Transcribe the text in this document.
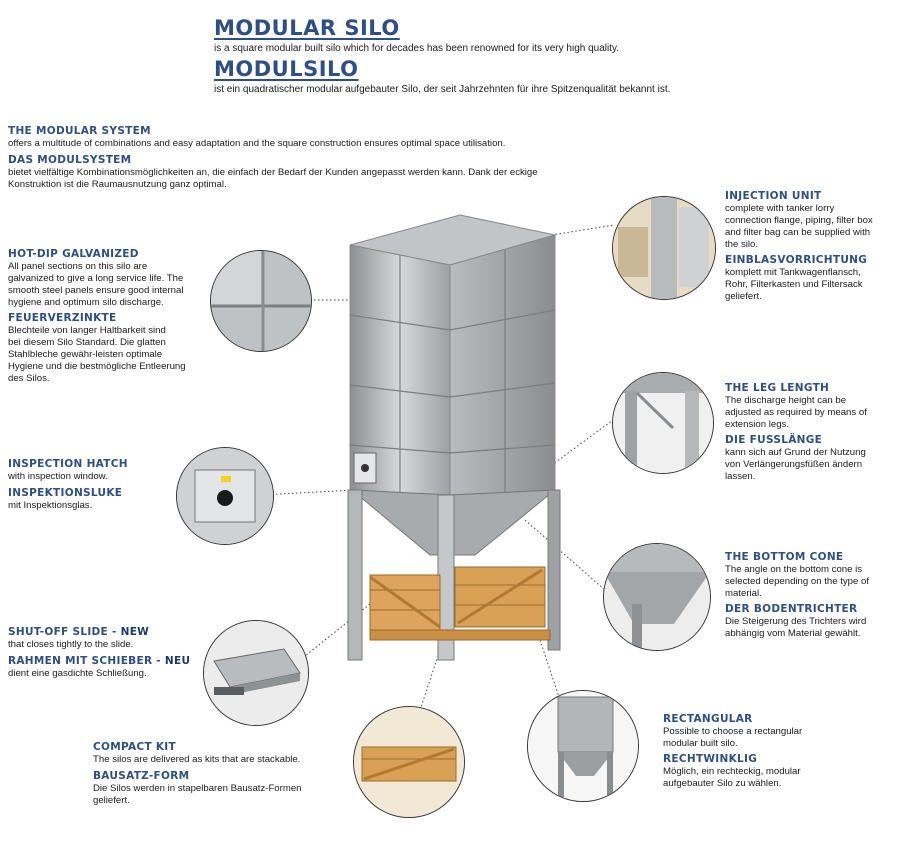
MODULAR SILO
is a square modular built silo which for decades has been renowned for its very high quality.
MODULSILO
ist ein quadratischer modular aufgebauter Silo, der seit Jahrzehnten für ihre Spitzenqualität bekannt ist.
THE MODULAR SYSTEM
offers a multitude of combinations and easy adaptation and the square construction ensures optimal space utilisation.
DAS MODULSYSTEM
bietet vielfältige Kombinationsmöglichkeiten an, die einfach der Bedarf der Kunden angepasst werden kann. Dank der eckige
Konstruktion ist die Raumausnutzung ganz optimal.
HOT-DIP GALVANIZED
All panel sections on this silo are
galvanized to give a long service life. The
smooth steel panels ensure good internal
hygiene and optimum silo discharge.
FEUERVERZINKTE
Blechteile von langer Haltbarkeit sind
bei diesem Silo Standard. Die glatten
Stahlbleche gewähr-leisten optimale
Hygiene und die bestmögliche Entleerung
des Silos.
INSPECTION HATCH
with inspection window.
INSPEKTIONSLUKE
mit Inspektionsglas.
SHUT-OFF SLIDE - NEW
that closes tightly to the slide.
RAHMEN MIT SCHIEBER - NEU
dient eine gasdichte Schließung.
COMPACT KIT
The silos are delivered as kits that are stackable.
BAUSATZ-FORM
Die Silos werden in stapelbaren Bausatz-Formen
geliefert.
INJECTION UNIT
complete with tanker lorry
connection flange, piping, filter box
and filter bag can be supplied with
the silo.
EINBLASVORRICHTUNG
komplett mit Tankwagenflansch,
Rohr, Filterkasten und Filtersack
geliefert.
THE LEG LENGTH
The discharge height can be
adjusted as required by means of
extension legs.
DIE FUSSLÄNGE
kann sich auf Grund der Nutzung
von Verlängerungsfüßen ändern
lassen.
THE BOTTOM CONE
The angle on the bottom cone is
selected depending on the type of
material.
DER BODENTRICHTER
Die Steigerung des Trichters wird
abhängig vom Material gewählt.
RECTANGULAR
Possible to choose a rectangular
modular built silo.
RECHTWINKLIG
Möglich, ein rechteckig, modular
aufgebauter Silo zu wählen.
